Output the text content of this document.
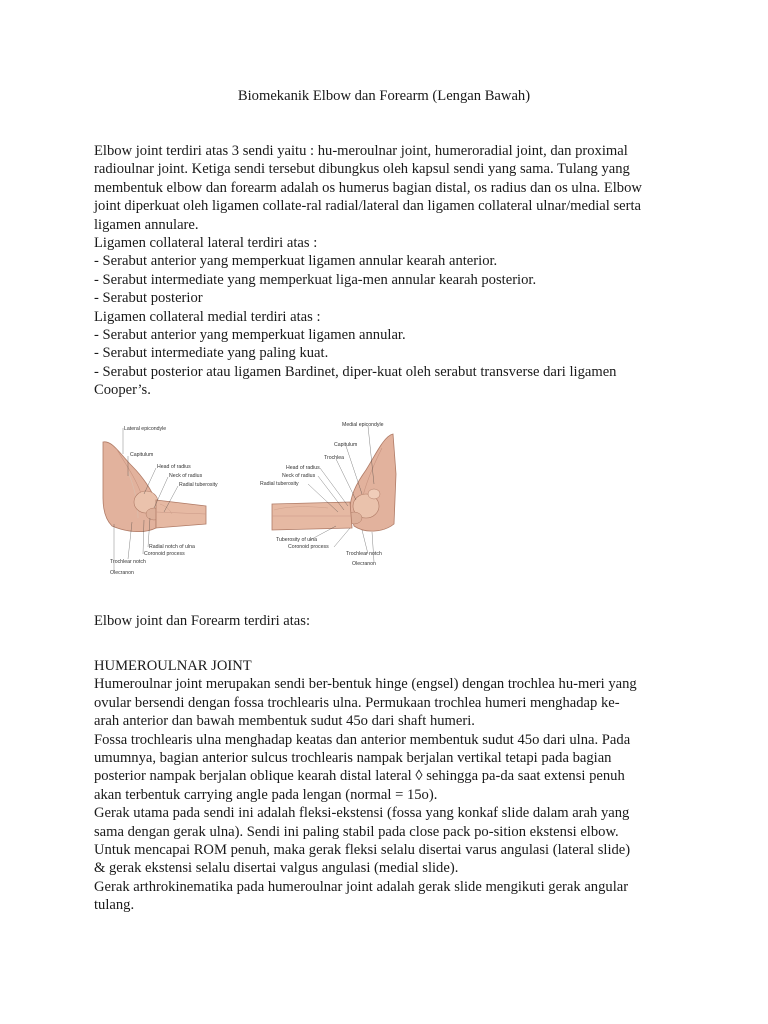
Biomekanik Elbow dan Forearm (Lengan Bawah)
Elbow joint terdiri atas 3 sendi yaitu : hu-meroulnar joint, humeroradial joint, dan proximal
radioulnar joint. Ketiga sendi tersebut dibungkus oleh kapsul sendi yang sama. Tulang yang
membentuk elbow dan forearm adalah os humerus bagian distal, os radius dan os ulna. Elbow
joint diperkuat oleh ligamen collate-ral radial/lateral dan ligamen collateral ulnar/medial serta
ligamen annulare.
Ligamen collateral lateral terdiri atas :
- Serabut anterior yang memperkuat ligamen annular kearah anterior.
- Serabut intermediate yang memperkuat liga-men annular kearah posterior.
- Serabut posterior
Ligamen collateral medial terdiri atas :
- Serabut anterior yang memperkuat ligamen annular.
- Serabut intermediate yang paling kuat.
- Serabut posterior atau ligamen Bardinet, diper-kuat oleh serabut transverse dari ligamen
Cooper’s.
Lateral epicondyle
Capitulum
Head of radius
Neck of radius
Radial tuberosity
Radial notch of ulna
Coronoid process
Trochlear notch
Olecranon
Medial epicondyle
Capitulum
Trochlea
Head of radius
Neck of radius
Radial tuberosity
Tuberosity of ulna
Coronoid process
Trochlear notch
Olecranon
Elbow joint dan Forearm terdiri atas:
HUMEROULNAR JOINT
Humeroulnar joint merupakan sendi ber-bentuk hinge (engsel) dengan trochlea hu-meri yang
ovular bersendi dengan fossa trochlearis ulna. Permukaan trochlea humeri menghadap ke-
arah anterior dan bawah membentuk sudut 45o dari shaft humeri.
Fossa trochlearis ulna menghadap keatas dan anterior membentuk sudut 45o dari ulna. Pada
umumnya, bagian anterior sulcus trochlearis nampak berjalan vertikal tetapi pada bagian
posterior nampak berjalan oblique kearah distal lateral ◊ sehingga pa-da saat extensi penuh
akan terbentuk carrying angle pada lengan (normal = 15o).
Gerak utama pada sendi ini adalah fleksi-ekstensi (fossa yang konkaf slide dalam arah yang
sama dengan gerak ulna). Sendi ini paling stabil pada close pack po-sition ekstensi elbow.
Untuk mencapai ROM penuh, maka gerak fleksi selalu disertai varus angulasi (lateral slide)
& gerak ekstensi selalu disertai valgus angulasi (medial slide).
Gerak arthrokinematika pada humeroulnar joint adalah gerak slide mengikuti gerak angular
tulang.
